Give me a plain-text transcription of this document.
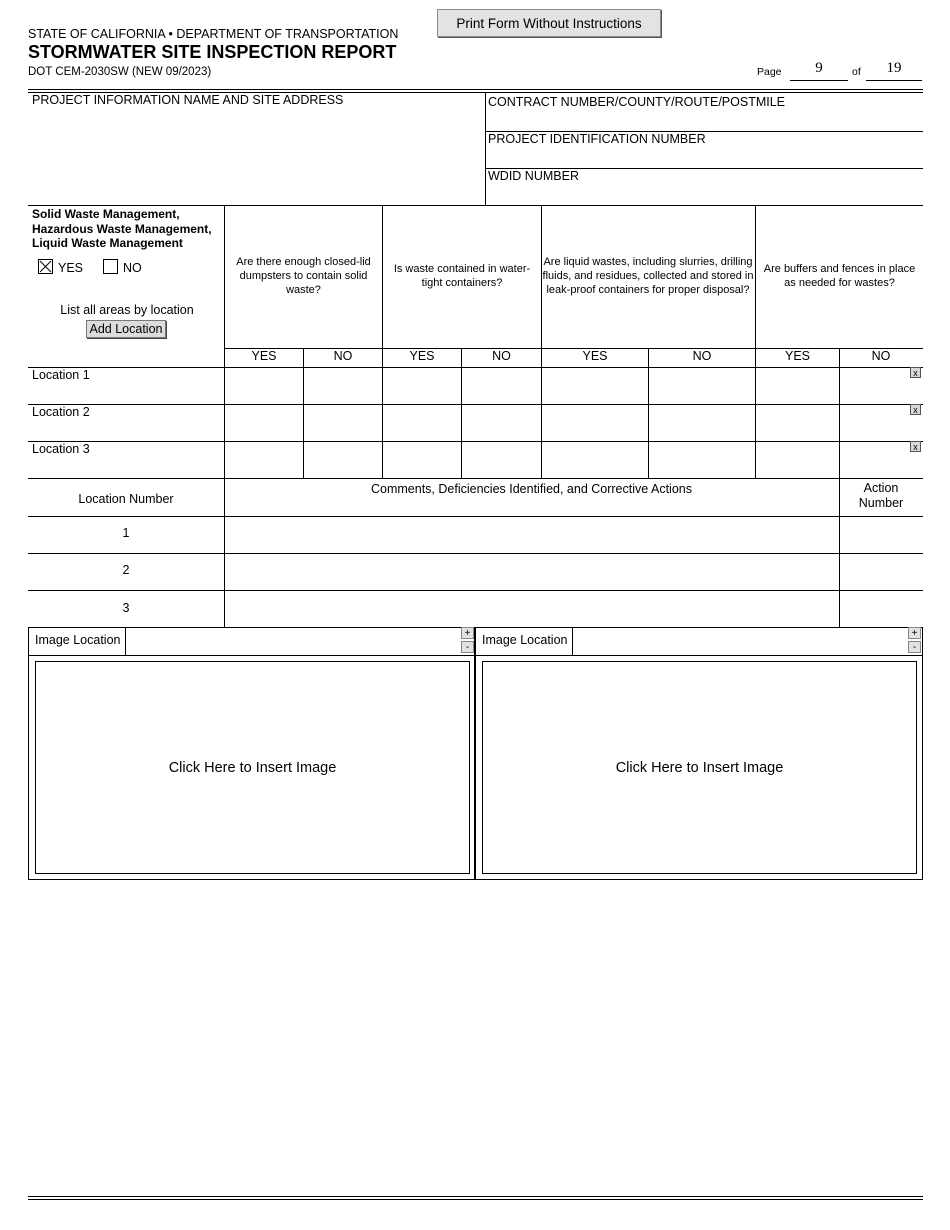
STATE OF CALIFORNIA • DEPARTMENT OF TRANSPORTATION
STORMWATER SITE INSPECTION REPORT
DOT CEM-2030SW (NEW 09/2023)
Print Form Without Instructions
Page	9	of	19
PROJECT INFORMATION NAME AND SITE ADDRESS	CONTRACT NUMBER/COUNTY/ROUTE/POSTMILE
PROJECT IDENTIFICATION NUMBER
WDID NUMBER
Solid Waste Management,
Hazardous Waste Management,
Liquid Waste Management
YES	NO
List all areas by location
Add Location
Are there enough closed-lid dumpsters to contain solid waste?
Is waste contained in water-tight containers?
Are liquid wastes, including slurries, drilling fluids, and residues, collected and stored in leak-proof containers for proper disposal?
Are buffers and fences in place as needed for wastes?
YES	NO	YES	NO	YES	NO	YES	NO
Location 1	x
Location 2	x
Location 3	x
Location Number
Comments, Deficiencies Identified, and Corrective Actions	Action
Number
1
2
3
Image Location	+
-
Click Here to Insert Image
Image Location	+
-
Click Here to Insert Image
